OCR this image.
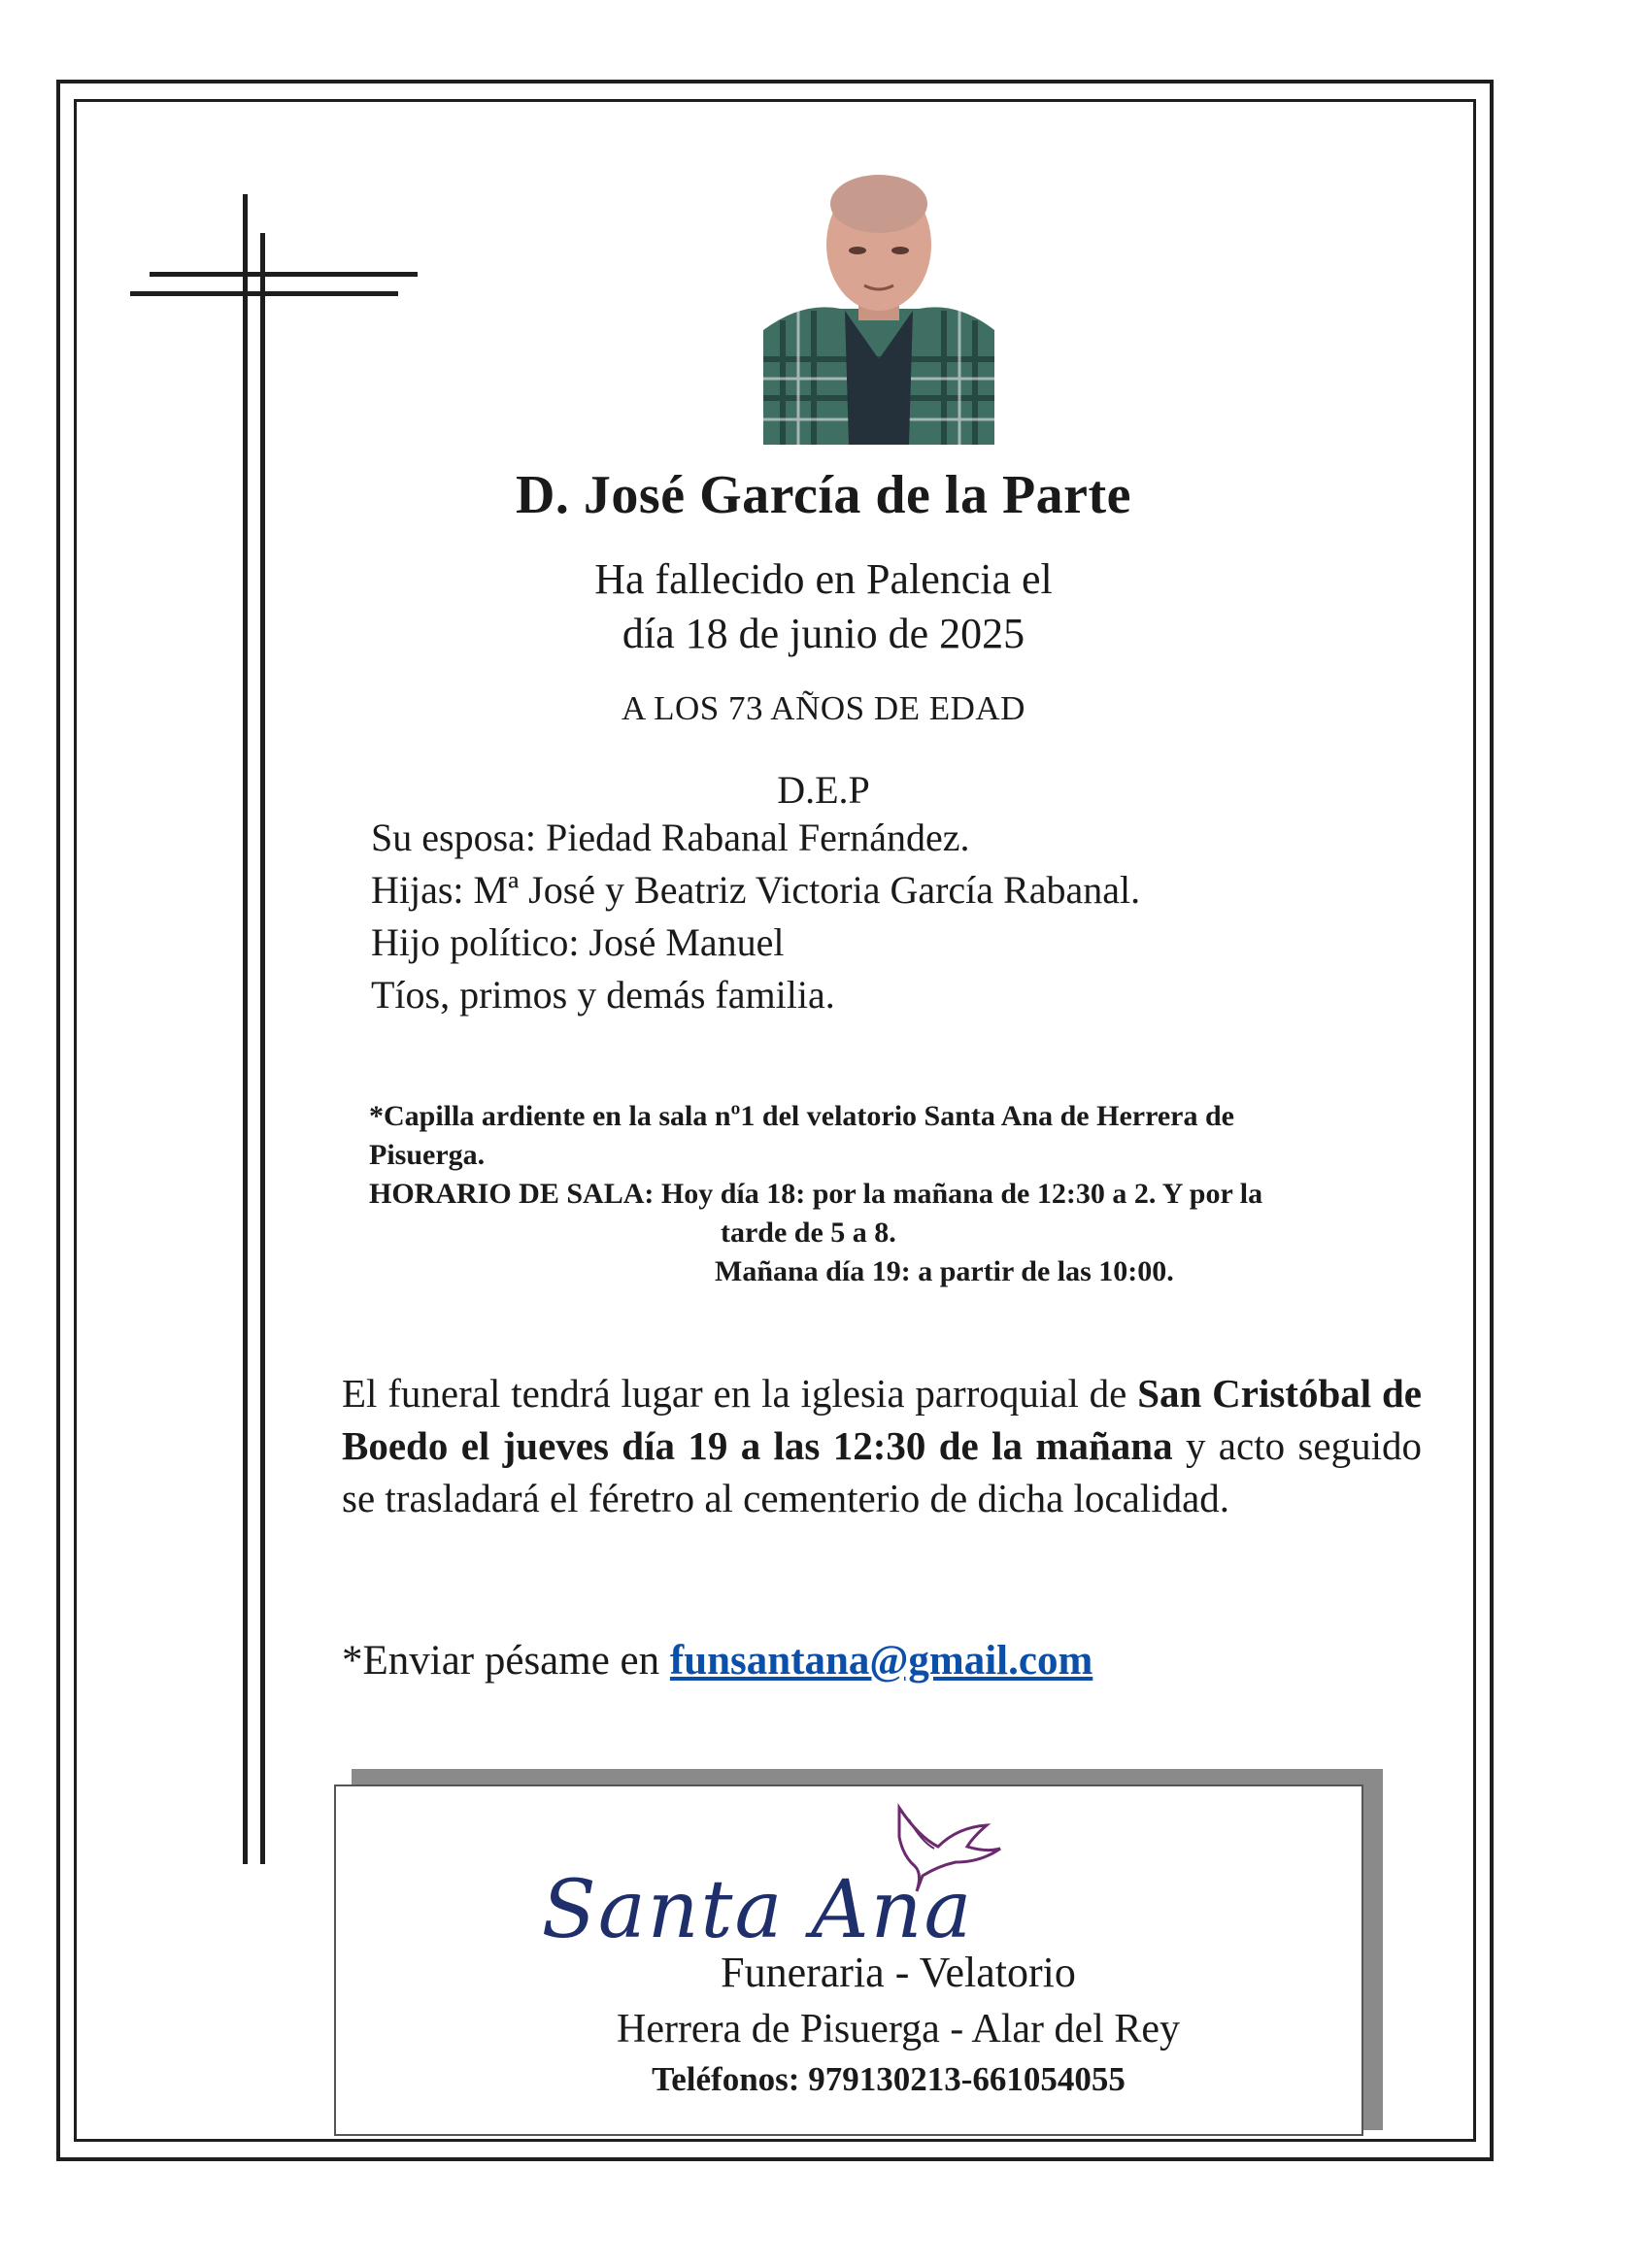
D. José García de la Parte
Ha fallecido en Palencia el
día 18 de junio de 2025
A LOS 73 AÑOS DE EDAD
D.E.P
Su esposa: Piedad Rabanal Fernández.
Hijas: Mª José y Beatriz Victoria García Rabanal.
Hijo político: José Manuel
Tíos, primos y demás familia.
*Capilla ardiente en la sala nº1 del velatorio Santa Ana de Herrera de
Pisuerga.
HORARIO DE SALA: Hoy día 18: por la mañana de 12:30 a 2. Y por la
tarde de 5 a 8.
Mañana día 19: a partir de las 10:00.
El funeral tendrá lugar en la iglesia parroquial de San Cristóbal de Boedo el jueves día 19 a las 12:30 de la mañana y acto seguido se trasladará el féretro al cementerio de dicha localidad.
*Enviar pésame en funsantana@gmail.com
Santa Ana
Funeraria - Velatorio
Herrera de Pisuerga - Alar del Rey
Teléfonos: 979130213-661054055
